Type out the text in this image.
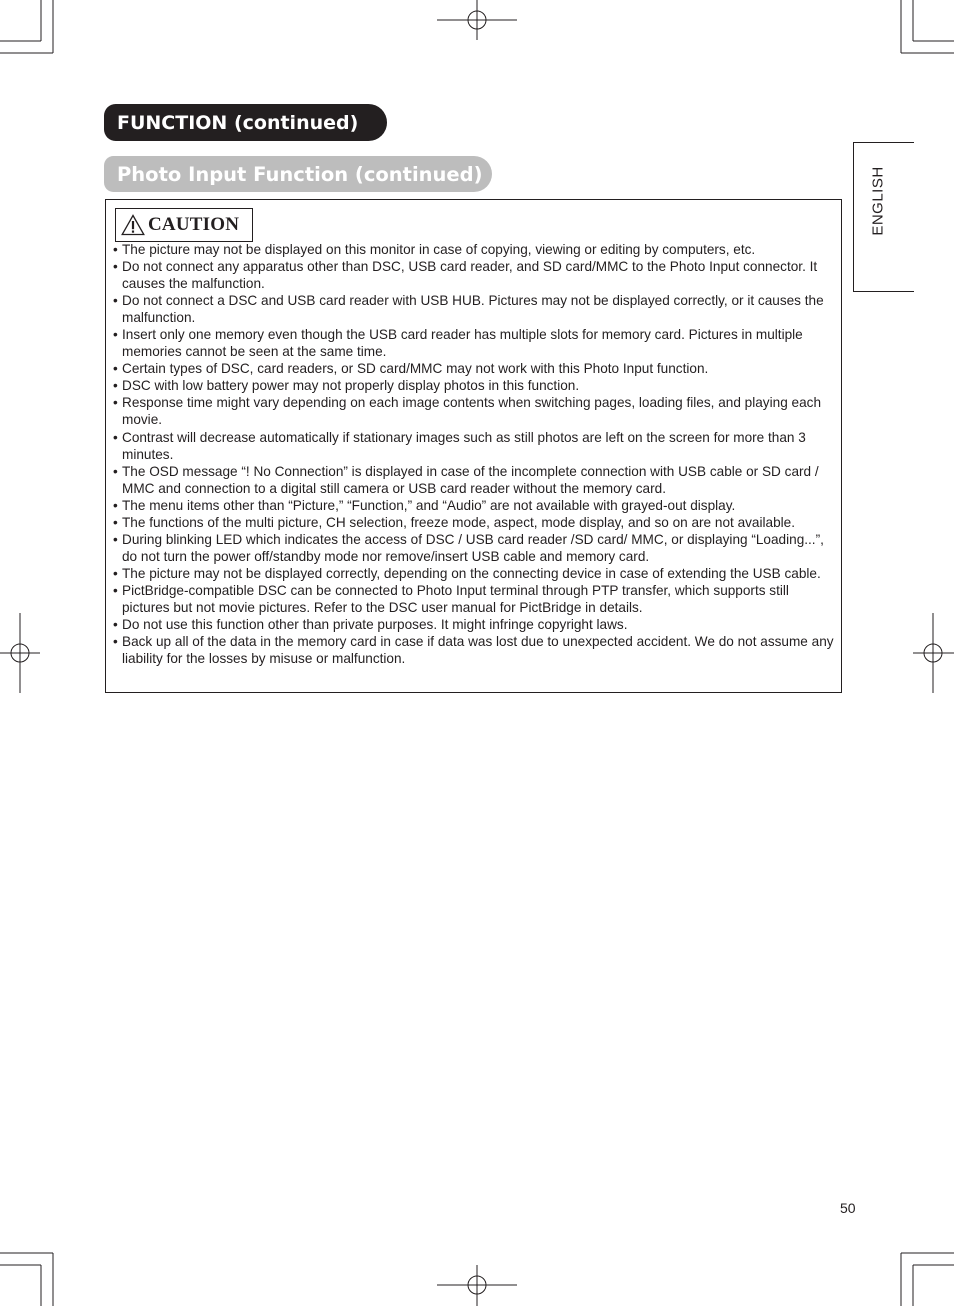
FUNCTION (continued)
Photo Input Function (continued)
CAUTION
• The picture may not be displayed on this monitor in case of copying, viewing or editing by computers, etc.
• Do not connect any apparatus other than DSC, USB card reader, and SD card/MMC to the Photo Input connector. It causes the malfunction.
• Do not connect a DSC and USB card reader with USB HUB. Pictures may not be displayed correctly, or it causes the malfunction.
• Insert only one memory even though the USB card reader has multiple slots for memory card. Pictures in multiple memories cannot be seen at the same time.
• Certain types of DSC, card readers, or SD card/MMC may not work with this Photo Input function.
• DSC with low battery power may not properly display photos in this function.
• Response time might vary depending on each image contents when switching pages, loading files, and playing each movie.
• Contrast will decrease automatically if stationary images such as still photos are left on the screen for more than 3 minutes.
• The OSD message “! No Connection” is displayed in case of the incomplete connection with USB cable or SD card / MMC and connection to a digital still camera or USB card reader without the memory card.
• The menu items other than “Picture,” “Function,” and “Audio” are not available with grayed-out display.
• The functions of the multi picture, CH selection, freeze mode, aspect, mode display, and so on are not available.
• During blinking LED which indicates the access of DSC / USB card reader /SD card/ MMC, or displaying “Loading...”, do not turn the power off/standby mode nor remove/insert USB cable and memory card.
• The picture may not be displayed correctly, depending on the connecting device in case of extending the USB cable.
• PictBridge-compatible DSC can be connected to Photo Input terminal through PTP transfer, which supports still pictures but not movie pictures. Refer to the DSC user manual for PictBridge in details.
• Do not use this function other than private purposes. It might infringe copyright laws.
• Back up all of the data in the memory card in case if data was lost due to unexpected accident. We do not assume any liability for the losses by misuse or malfunction.
ENGLISH
50
